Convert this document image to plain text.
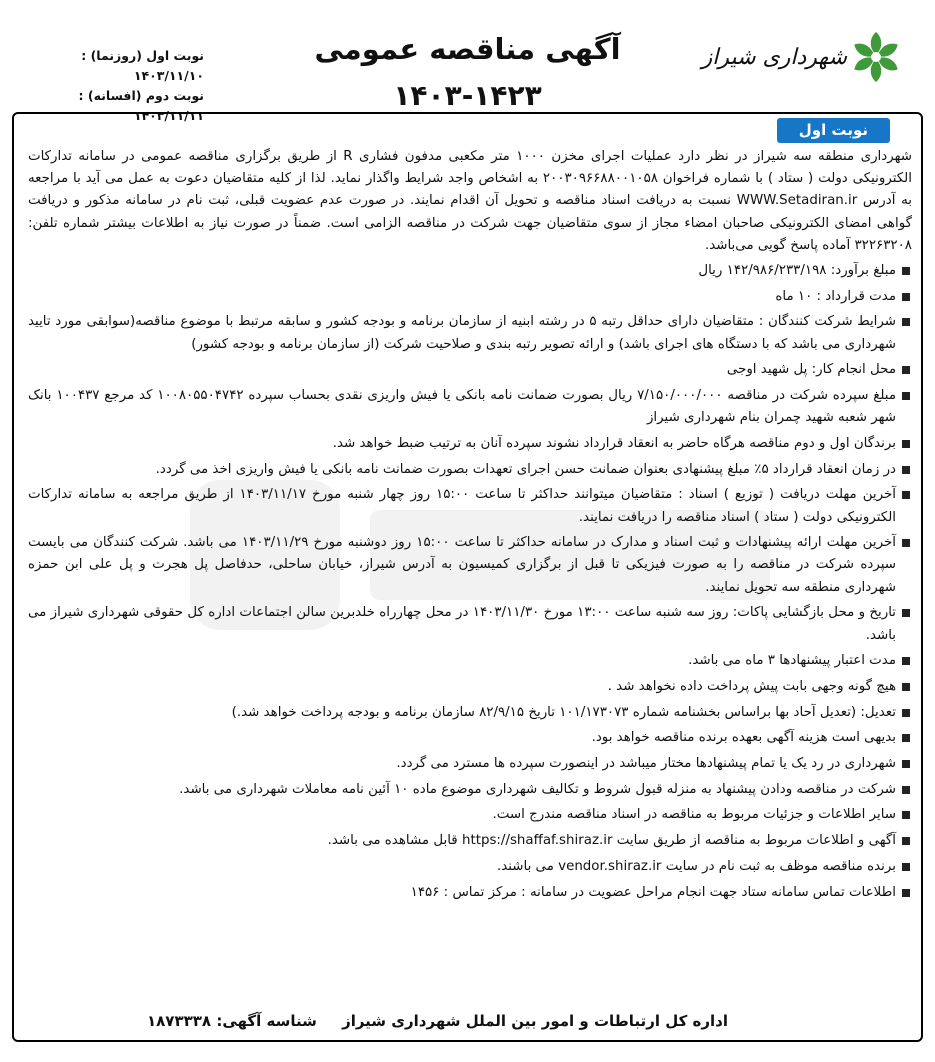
شهرداری شیراز
آگهی مناقصه عمومی
۱۴۰۳-۱۴۲۳
نوبت اول (روزنما) : ۱۴۰۳/۱۱/۱۰
نوبت دوم (افسانه) : ۱۴۰۳/۱۱/۱۱
نوبت اول

شهرداری منطقه سه شیراز در نظر دارد عملیات اجرای مخزن ۱۰۰۰ متر مکعبی مدفون فشاری R از طریق برگزاری مناقصه عمومی در سامانه تدارکات الکترونیکی دولت ( ستاد ) با شماره فراخوان ۲۰۰۳۰۹۶۶۸۸۰۰۱۰۵۸ به اشخاص واجد شرایط واگذار نماید. لذا از کلیه متقاضیان دعوت به عمل می آید با مراجعه به آدرس WWW.Setadiran.ir نسبت به دریافت اسناد مناقصه و تحویل آن اقدام نمایند. در صورت عدم عضویت قبلی، ثبت نام در سامانه مذکور و دریافت گواهی امضای الکترونیکی صاحبان امضاء مجاز از سوی متقاضیان جهت شرکت در مناقصه الزامی است. ضمناً در صورت نیاز به اطلاعات بیشتر شماره تلفن: ۳۲۲۶۳۲۰۸ آماده پاسخ گویی می‌باشد.

مبلغ برآورد: ۱۴۲/۹۸۶/۲۳۳/۱۹۸ ریال
مدت قرارداد : ۱۰ ماه
شرایط شرکت کنندگان : متقاضیان دارای حداقل رتبه ۵ در رشته ابنیه از سازمان برنامه و بودجه کشور و سابقه مرتبط با موضوع مناقصه(سوابقی مورد تایید شهرداری می باشد که با دستگاه های اجرای باشد) و ارائه تصویر رتبه بندی و صلاحیت شرکت (از سازمان برنامه و بودجه کشور)
محل انجام کار: پل شهید اوجی
مبلغ سپرده شرکت در مناقصه ۷/۱۵۰/۰۰۰/۰۰۰ ریال بصورت ضمانت نامه بانکی یا فیش واریزی نقدی بحساب سپرده ۱۰۰۸۰۵۵۰۴۷۴۲ کد مرجع ۱۰۰۴۳۷ بانک شهر شعبه شهید چمران بنام شهرداری شیراز
برندگان اول و دوم مناقصه هرگاه حاضر به انعقاد قرارداد نشوند سپرده آنان به ترتیب ضبط خواهد شد.
در زمان انعقاد قرارداد ۵٪ مبلغ پیشنهادی بعنوان ضمانت حسن اجرای تعهدات بصورت ضمانت نامه بانکی یا فیش واریزی اخذ می گردد.
آخرین مهلت دریافت ( توزیع ) اسناد : متقاضیان میتوانند حداکثر تا ساعت ۱۵:۰۰ روز چهار شنبه مورخ ۱۴۰۳/۱۱/۱۷ از طریق مراجعه به سامانه تدارکات الکترونیکی دولت ( ستاد ) اسناد مناقصه را دریافت نمایند.
آخرین مهلت ارائه پیشنهادات و ثبت اسناد و مدارک در سامانه حداکثر تا ساعت ۱۵:۰۰ روز دوشنبه مورخ ۱۴۰۳/۱۱/۲۹ می باشد. شرکت کنندگان می بایست سپرده شرکت در مناقصه را به صورت فیزیکی تا قبل از برگزاری کمیسیون به آدرس شیراز، خیابان ساحلی، حدفاصل پل هجرت و پل علی ابن حمزه شهرداری منطقه سه تحویل نمایند.
تاریخ و محل بازگشایی پاکات: روز سه شنبه ساعت ۱۳:۰۰ مورخ ۱۴۰۳/۱۱/۳۰ در محل چهارراه خلدبرین سالن اجتماعات اداره کل حقوقی شهرداری شیراز می باشد.
مدت اعتبار پیشنهادها ۳ ماه می باشد.
هیچ گونه وجهی بابت پیش پرداخت داده نخواهد شد .
تعدیل: (تعدیل آحاد بها براساس بخشنامه شماره ۱۰۱/۱۷۳۰۷۳ تاریخ ۸۲/۹/۱۵ سازمان برنامه و بودجه پرداخت خواهد شد.)
بدیهی است هزینه آگهی بعهده برنده مناقصه خواهد بود.
شهرداری در رد یک یا تمام پیشنهادها مختار میباشد در اینصورت سپرده ها مسترد می گردد.
شرکت در مناقصه ودادن پیشنهاد به منزله قبول شروط و تکالیف شهرداری موضوع ماده ۱۰ آئین نامه معاملات شهرداری می باشد.
سایر اطلاعات و جزئیات مربوط به مناقصه در اسناد مناقصه مندرج است.
آگهی و اطلاعات مربوط به مناقصه از طریق سایت https://shaffaf.shiraz.ir قابل مشاهده می باشد.
برنده مناقصه موظف به ثبت نام در سایت vendor.shiraz.ir می باشند.
اطلاعات تماس سامانه ستاد جهت انجام مراحل عضویت در سامانه : مرکز تماس : ۱۴۵۶
اداره کل ارتباطات و امور بین الملل شهرداری شیراز
شناسه آگهی: ۱۸۷۳۳۳۸
